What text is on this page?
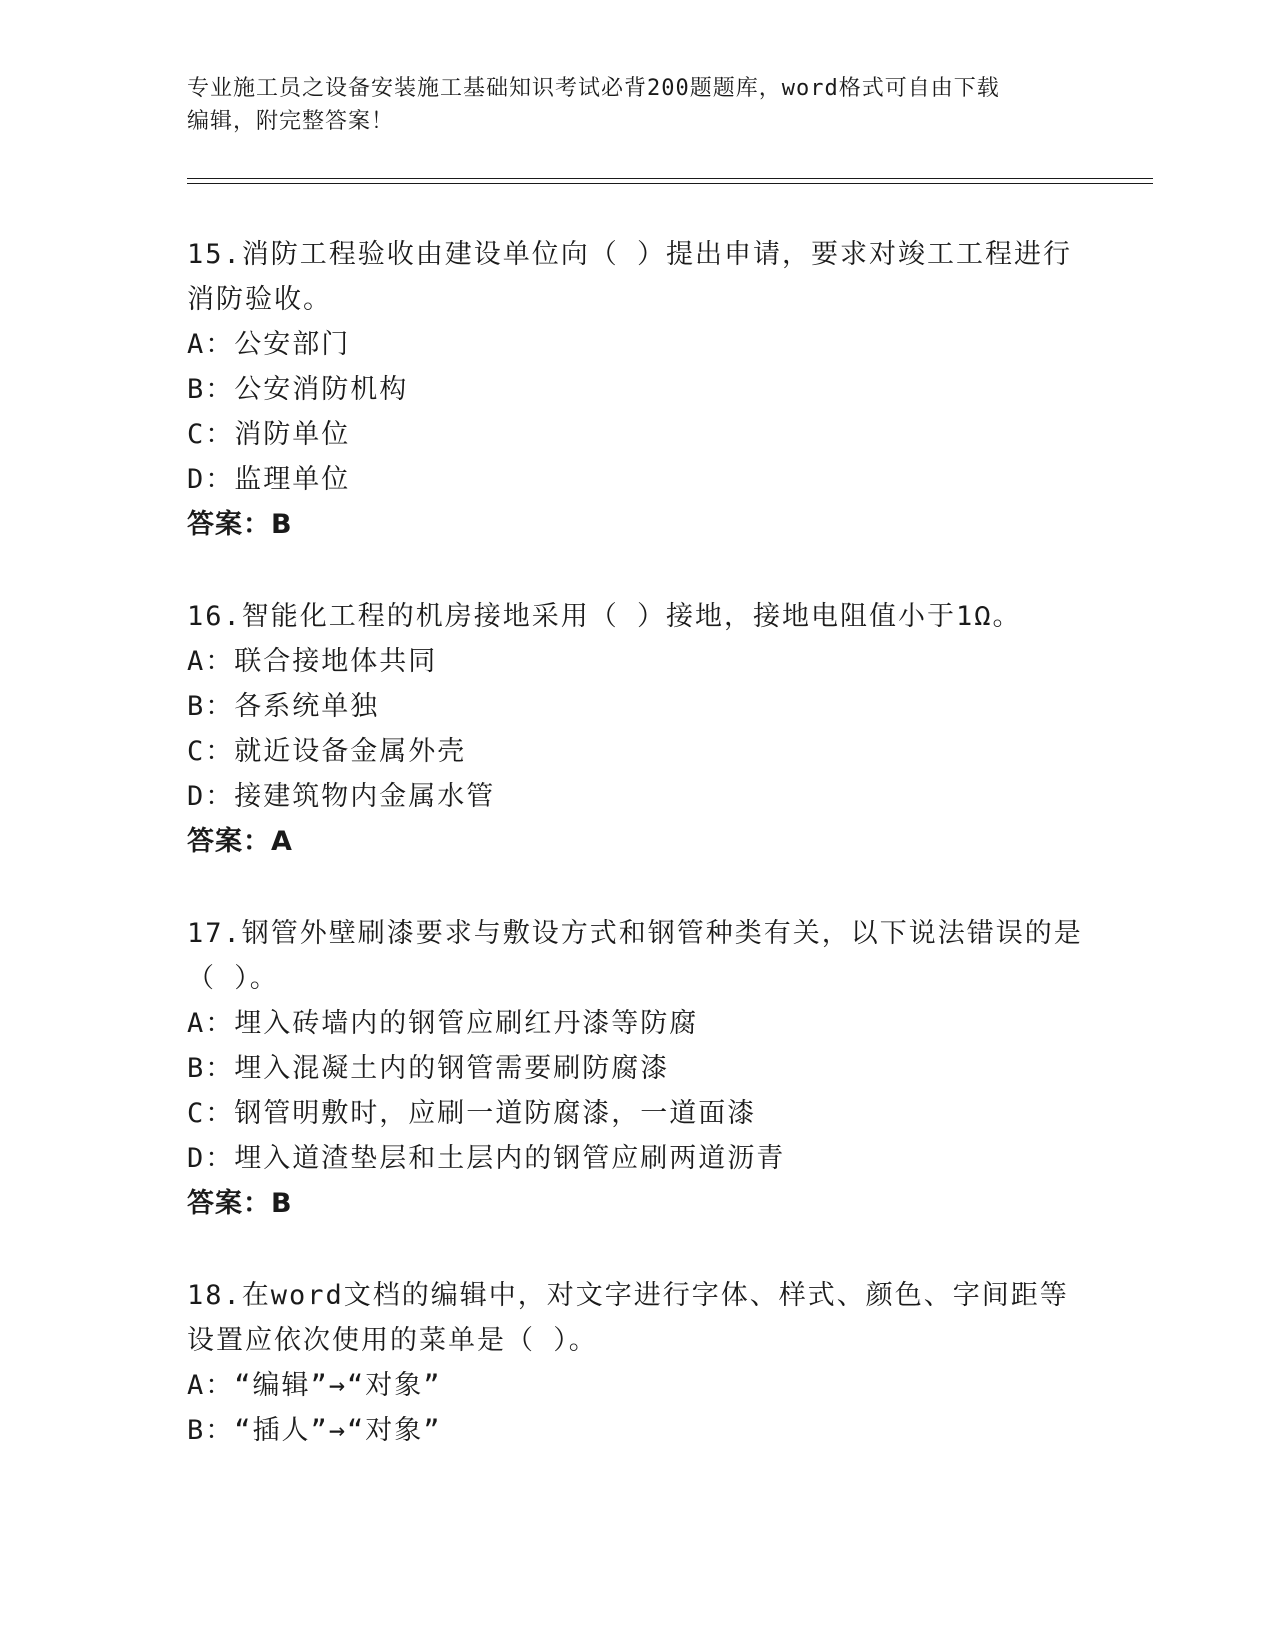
专业施工员之设备安装施工基础知识考试必背200题题库，word格式可自由下载
编辑，附完整答案！
15.消防工程验收由建设单位向（ ）提出申请，要求对竣工工程进行
消防验收。
A：公安部门
B：公安消防机构
C：消防单位
D：监理单位
答案：B
16.智能化工程的机房接地采用（ ）接地，接地电阻值小于1Ω。
A：联合接地体共同
B：各系统单独
C：就近设备金属外壳
D：接建筑物内金属水管
答案：A
17.钢管外壁刷漆要求与敷设方式和钢管种类有关，以下说法错误的是
（ ）。
A：埋入砖墙内的钢管应刷红丹漆等防腐
B：埋入混凝土内的钢管需要刷防腐漆
C：钢管明敷时，应刷一道防腐漆，一道面漆
D：埋入道渣垫层和土层内的钢管应刷两道沥青
答案：B
18.在word文档的编辑中，对文字进行字体、样式、颜色、字间距等
设置应依次使用的菜单是（ ）。
A：“编辑”→“对象”
B：“插人”→“对象”
